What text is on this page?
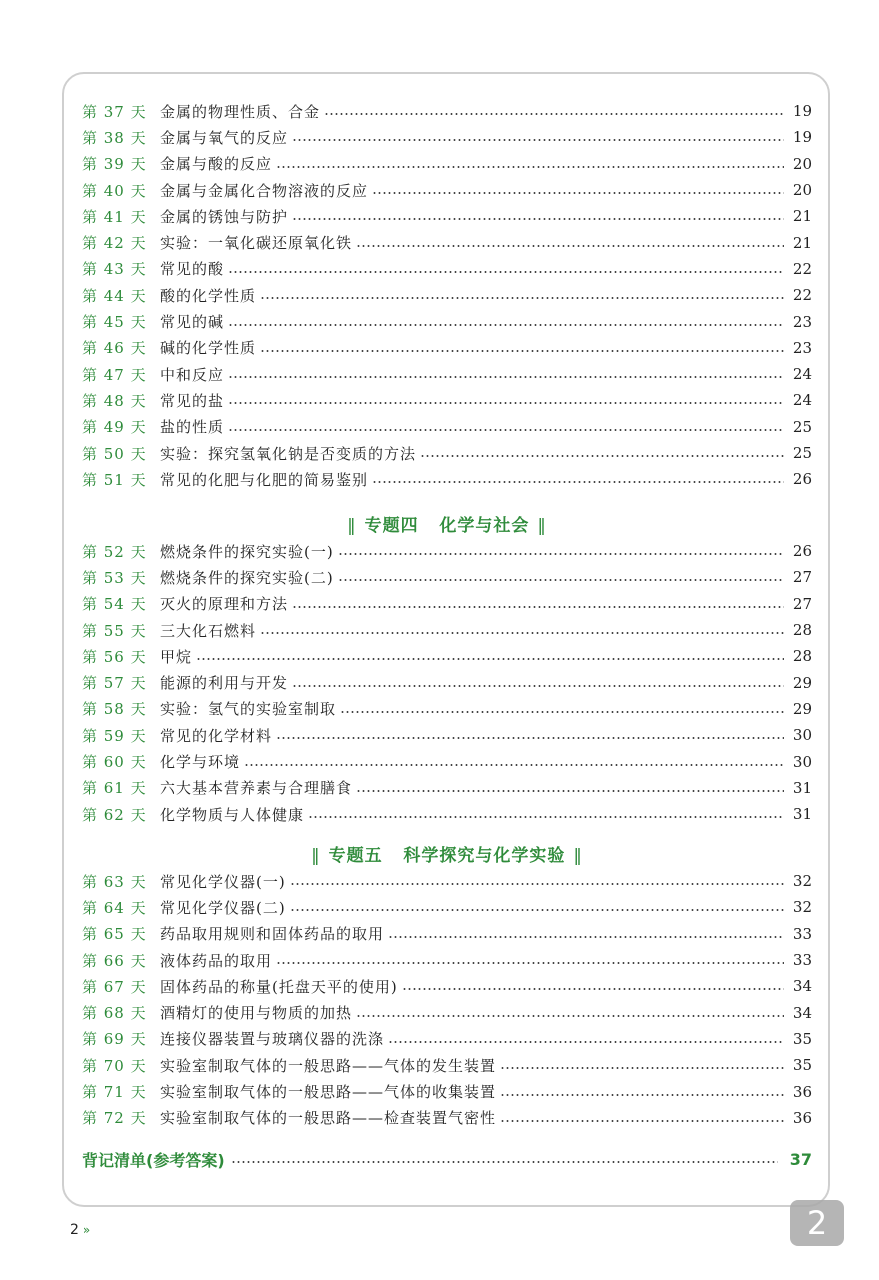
第 37 天 金属的物理性质、合金	19
第 38 天 金属与氧气的反应	19
第 39 天 金属与酸的反应	20
第 40 天 金属与金属化合物溶液的反应	20
第 41 天 金属的锈蚀与防护	21
第 42 天 实验：一氧化碳还原氧化铁	21
第 43 天 常见的酸	22
第 44 天 酸的化学性质	22
第 45 天 常见的碱	23
第 46 天 碱的化学性质	23
第 47 天 中和反应	24
第 48 天 常见的盐	24
第 49 天 盐的性质	25
第 50 天 实验：探究氢氧化钠是否变质的方法	25
第 51 天 常见的化肥与化肥的简易鉴别	26
‖ 专题四 化学与社会 ‖
第 52 天 燃烧条件的探究实验(一)	26
第 53 天 燃烧条件的探究实验(二)	27
第 54 天 灭火的原理和方法	27
第 55 天 三大化石燃料	28
第 56 天 甲烷	28
第 57 天 能源的利用与开发	29
第 58 天 实验：氢气的实验室制取	29
第 59 天 常见的化学材料	30
第 60 天 化学与环境	30
第 61 天 六大基本营养素与合理膳食	31
第 62 天 化学物质与人体健康	31
‖ 专题五 科学探究与化学实验 ‖
第 63 天 常见化学仪器(一)	32
第 64 天 常见化学仪器(二)	32
第 65 天 药品取用规则和固体药品的取用	33
第 66 天 液体药品的取用	33
第 67 天 固体药品的称量(托盘天平的使用)	34
第 68 天 酒精灯的使用与物质的加热	34
第 69 天 连接仪器装置与玻璃仪器的洗涤	35
第 70 天 实验室制取气体的一般思路——气体的发生装置	35
第 71 天 实验室制取气体的一般思路——气体的收集装置	36
第 72 天 实验室制取气体的一般思路——检查装置气密性	36
背记清单(参考答案)	37
2 »	2
